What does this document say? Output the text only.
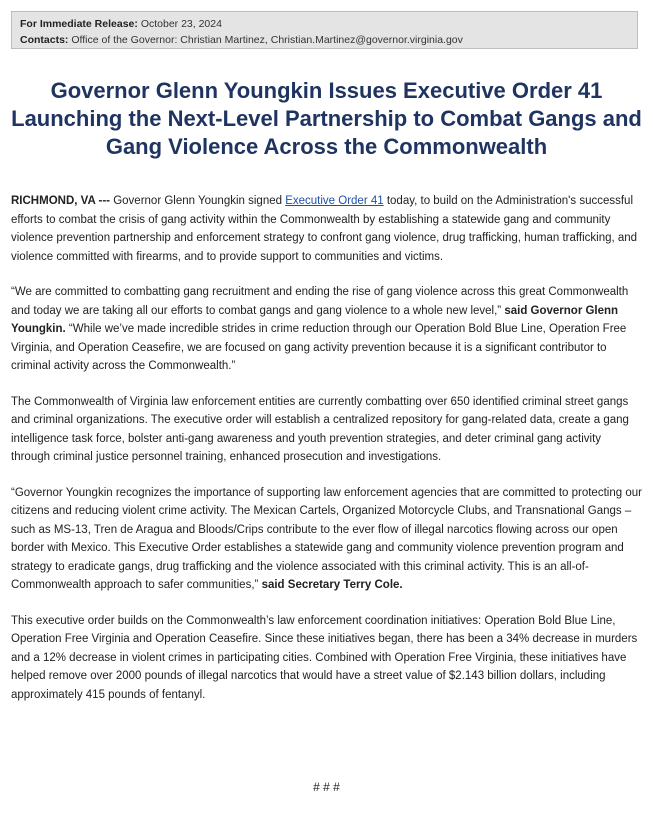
For Immediate Release: October 23, 2024
Contacts: Office of the Governor: Christian Martinez, Christian.Martinez@governor.virginia.gov
Governor Glenn Youngkin Issues Executive Order 41 Launching the Next-Level Partnership to Combat Gangs and Gang Violence Across the Commonwealth

RICHMOND, VA --- Governor Glenn Youngkin signed Executive Order 41 today, to build on the Administration's successful efforts to combat the crisis of gang activity within the Commonwealth by establishing a statewide gang and community violence prevention partnership and enforcement strategy to confront gang violence, drug trafficking, human trafficking, and violence committed with firearms, and to provide support to communities and victims.

“We are committed to combatting gang recruitment and ending the rise of gang violence across this great Commonwealth and today we are taking all our efforts to combat gangs and gang violence to a whole new level,” said Governor Glenn Youngkin. “While we’ve made incredible strides in crime reduction through our Operation Bold Blue Line, Operation Free Virginia, and Operation Ceasefire, we are focused on gang activity prevention because it is a significant contributor to criminal activity across the Commonwealth.”

The Commonwealth of Virginia law enforcement entities are currently combatting over 650 identified criminal street gangs and criminal organizations. The executive order will establish a centralized repository for gang-related data, create a gang intelligence task force, bolster anti-gang awareness and youth prevention strategies, and deter criminal gang activity through criminal justice personnel training, enhanced prosecution and investigations.

“Governor Youngkin recognizes the importance of supporting law enforcement agencies that are committed to protecting our citizens and reducing violent crime activity. The Mexican Cartels, Organized Motorcycle Clubs, and Transnational Gangs – such as MS-13, Tren de Aragua and Bloods/Crips contribute to the ever flow of illegal narcotics flowing across our open border with Mexico. This Executive Order establishes a statewide gang and community violence prevention program and strategy to eradicate gangs, drug trafficking and the violence associated with this criminal activity. This is an all-of-Commonwealth approach to safer communities,” said Secretary Terry Cole.

This executive order builds on the Commonwealth’s law enforcement coordination initiatives: Operation Bold Blue Line, Operation Free Virginia and Operation Ceasefire. Since these initiatives began, there has been a 34% decrease in murders and a 12% decrease in violent crimes in participating cities. Combined with Operation Free Virginia, these initiatives have helped remove over 2000 pounds of illegal narcotics that would have a street value of $2.143 billion dollars, including approximately 415 pounds of fentanyl.

# # #
